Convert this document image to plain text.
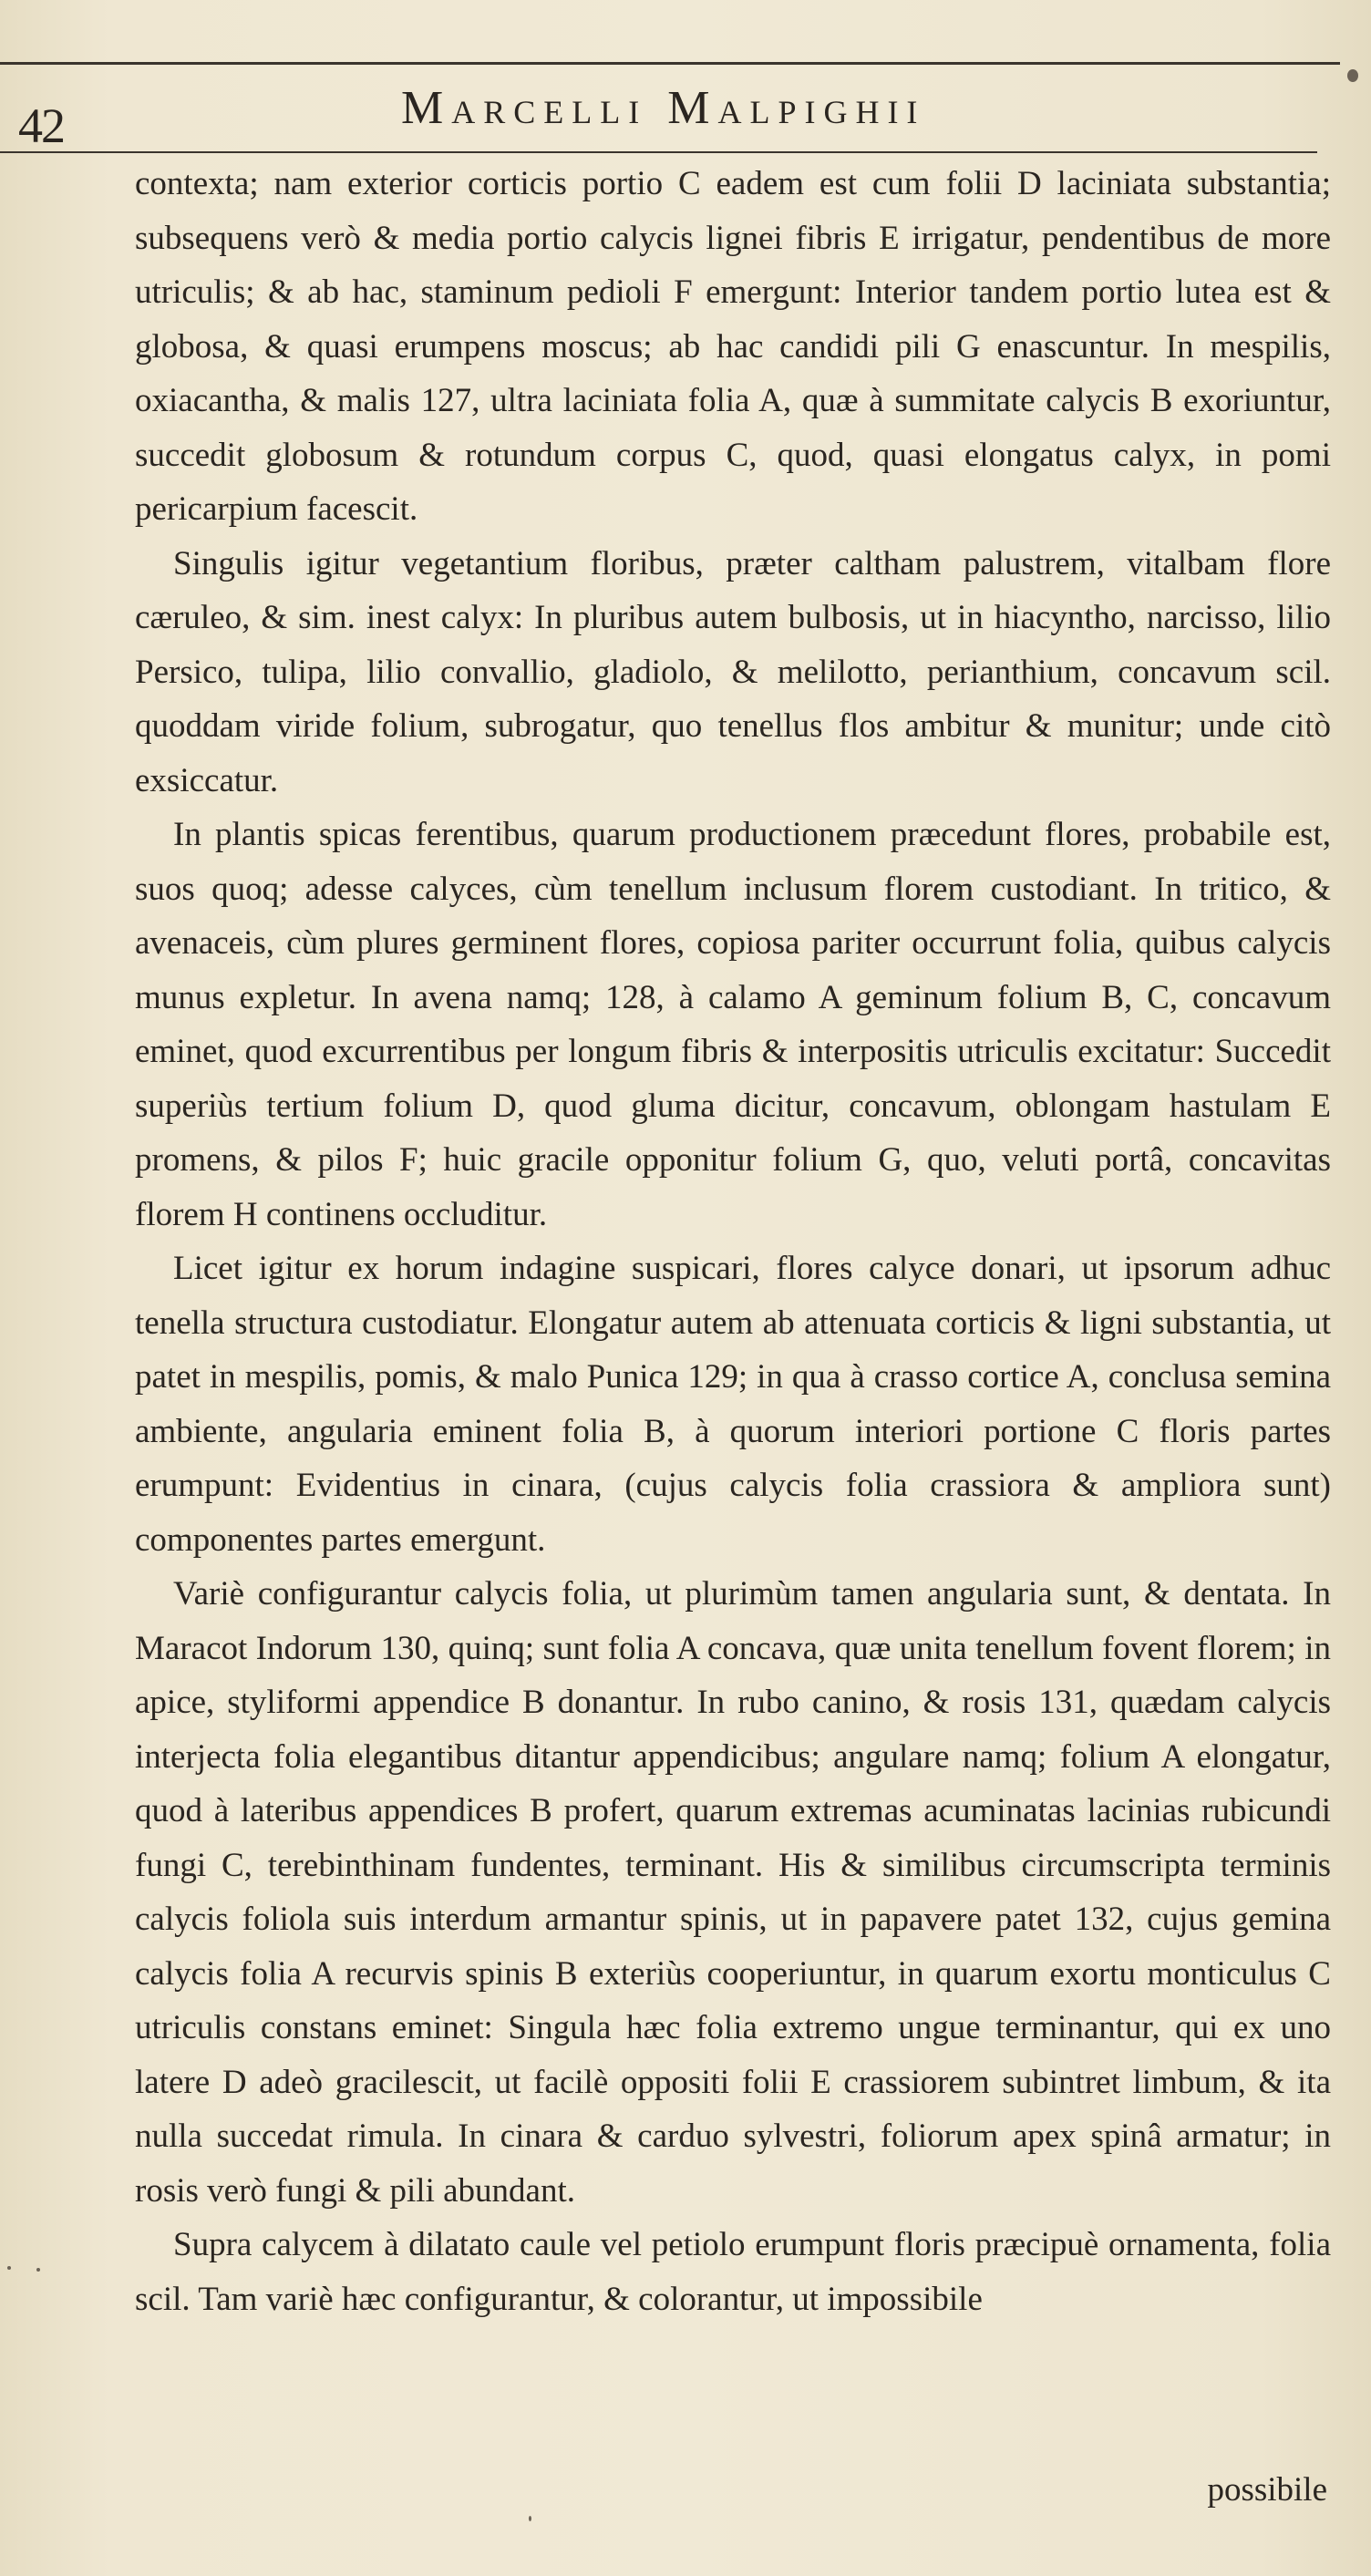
42	Marcelli Malpighii

contexta; nam exterior corticis portio C eadem est cum folii D laciniata substantia; subsequens verò & media portio calycis lignei fibris E irrigatur, pendentibus de more utriculis; & ab hac, staminum pedioli F emergunt: Interior tandem portio lutea est & globosa, & quasi erumpens moscus; ab hac candidi pili G enascuntur. In mespilis, oxiacantha, & malis 127, ultra laciniata folia A, quæ à summitate calycis B exoriuntur, succedit globosum & rotundum corpus C, quod, quasi elongatus calyx, in pomi pericarpium facescit.

Singulis igitur vegetantium floribus, præter caltham palustrem, vitalbam flore cæruleo, & sim. inest calyx: In pluribus autem bulbosis, ut in hiacyntho, narcisso, lilio Persico, tulipa, lilio convallio, gladiolo, & melilotto, perianthium, concavum scil. quoddam viride folium, subrogatur, quo tenellus flos ambitur & munitur; unde citò exsiccatur.

In plantis spicas ferentibus, quarum productionem præcedunt flores, probabile est, suos quoq; adesse calyces, cùm tenellum inclusum florem custodiant. In tritico, & avenaceis, cùm plures germinent flores, copiosa pariter occurrunt folia, quibus calycis munus expletur. In avena namq; 128, à calamo A geminum folium B, C, concavum eminet, quod excurrentibus per longum fibris & interpositis utriculis excitatur: Succedit superiùs tertium folium D, quod gluma dicitur, concavum, oblongam hastulam E promens, & pilos F; huic gracile opponitur folium G, quo, veluti portâ, concavitas florem H continens occluditur.

Licet igitur ex horum indagine suspicari, flores calyce donari, ut ipsorum adhuc tenella structura custodiatur. Elongatur autem ab attenuata corticis & ligni substantia, ut patet in mespilis, pomis, & malo Punica 129; in qua à crasso cortice A, conclusa semina ambiente, angularia eminent folia B, à quorum interiori portione C floris partes erumpunt: Evidentius in cinara, (cujus calycis folia crassiora & ampliora sunt) componentes partes emergunt.

Variè configurantur calycis folia, ut plurimùm tamen angularia sunt, & dentata. In Maracot Indorum 130, quinq; sunt folia A concava, quæ unita tenellum fovent florem; in apice, styliformi appendice B donantur. In rubo canino, & rosis 131, quædam calycis interjecta folia elegantibus ditantur appendicibus; angulare namq; folium A elongatur, quod à lateribus appendices B profert, quarum extremas acuminatas lacinias rubicundi fungi C, terebinthinam fundentes, terminant. His & similibus circumscripta terminis calycis foliola suis interdum armantur spinis, ut in papavere patet 132, cujus gemina calycis folia A recurvis spinis B exteriùs cooperiuntur, in quarum exortu monticulus C utriculis constans eminet: Singula hæc folia extremo ungue terminantur, qui ex uno latere D adeò gracilescit, ut facilè oppositi folii E crassiorem subintret limbum, & ita nulla succedat rimula. In cinara & carduo sylvestri, foliorum apex spinâ armatur; in rosis verò fungi & pili abundant.

Supra calycem à dilatato caule vel petiolo erumpunt floris præcipuè ornamenta, folia scil. Tam variè hæc configurantur, & colorantur, ut impossibile

possibile
